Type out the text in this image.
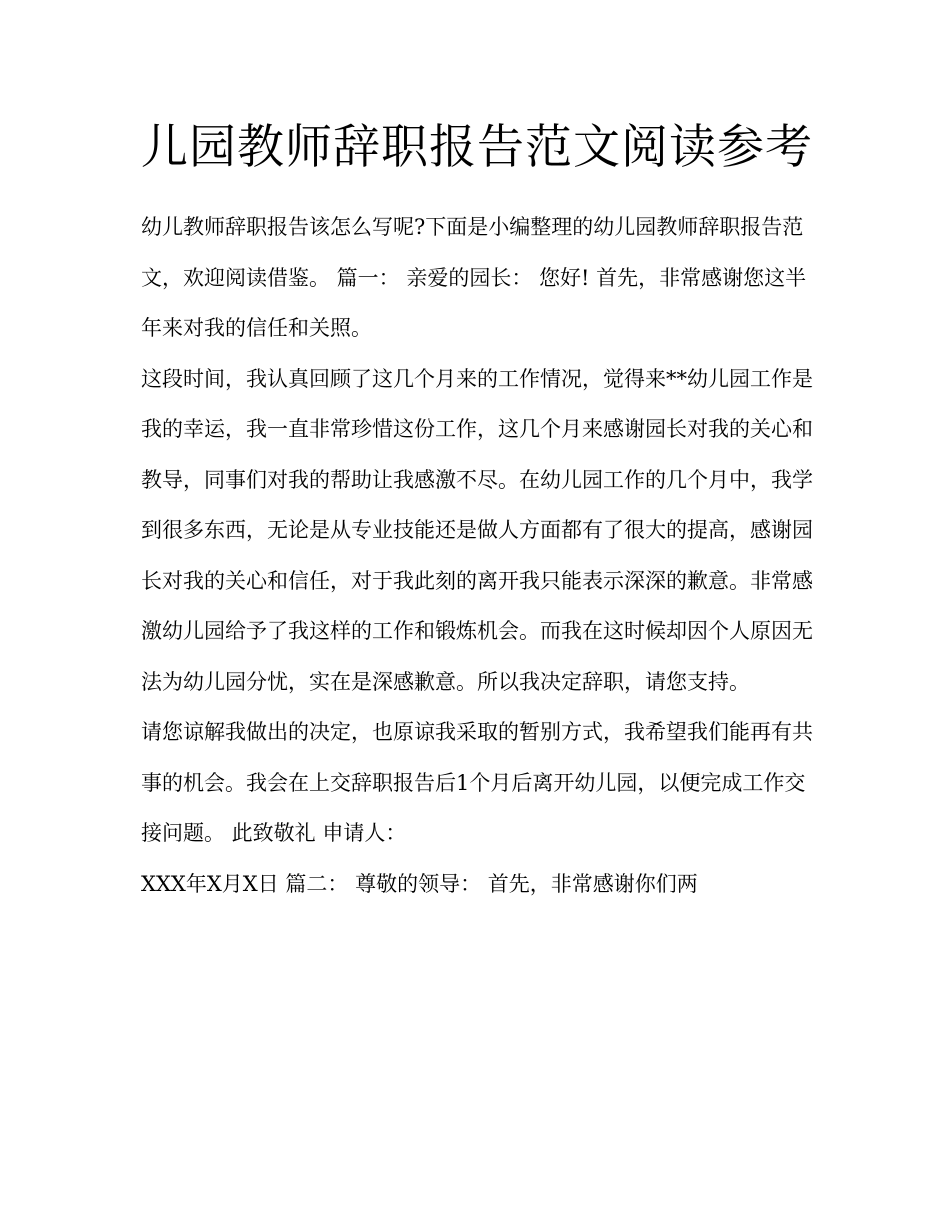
儿园教师辞职报告范文阅读参考

幼儿教师辞职报告该怎么写呢?下面是小编整理的幼儿园教师辞职报告范文，欢迎阅读借鉴。 篇一： 亲爱的园长： 您好! 首先，非常感谢您这半年来对我的信任和关照。

这段时间，我认真回顾了这几个月来的工作情况，觉得来**幼儿园工作是我的幸运，我一直非常珍惜这份工作，这几个月来感谢园长对我的关心和教导，同事们对我的帮助让我感激不尽。在幼儿园工作的几个月中，我学到很多东西，无论是从专业技能还是做人方面都有了很大的提高，感谢园长对我的关心和信任，对于我此刻的离开我只能表示深深的歉意。非常感激幼儿园给予了我这样的工作和锻炼机会。而我在这时候却因个人原因无法为幼儿园分忧，实在是深感歉意。所以我决定辞职，请您支持。

请您谅解我做出的决定，也原谅我采取的暂别方式，我希望我们能再有共事的机会。我会在上交辞职报告后1个月后离开幼儿园，以便完成工作交接问题。 此致敬礼 申请人：

XXX年X月X日 篇二： 尊敬的领导： 首先，非常感谢你们两
